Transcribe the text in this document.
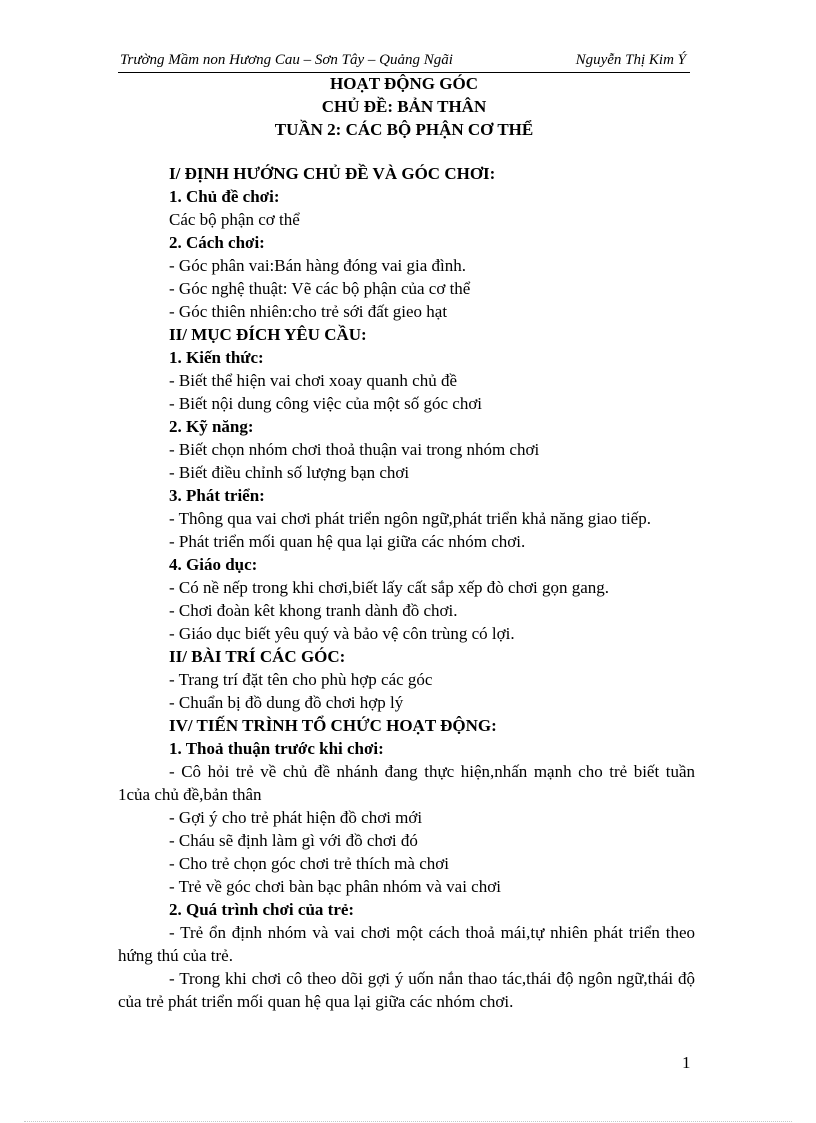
Trường Mầm non Hương Cau – Sơn Tây – Quảng Ngãi	Nguyễn Thị Kim Ý
HOẠT ĐỘNG GÓC
CHỦ ĐỀ: BẢN THÂN
TUẦN 2: CÁC BỘ PHẬN CƠ THỂ

I/ ĐỊNH HƯỚNG CHỦ ĐỀ VÀ GÓC CHƠI:

1. Chủ đề chơi:

Các bộ phận cơ thể

2. Cách chơi:

- Góc phân vai:Bán hàng đóng vai gia đình.

- Góc nghệ thuật: Vẽ các bộ phận của cơ thể

- Góc thiên nhiên:cho trẻ sới đất gieo hạt

II/ MỤC ĐÍCH YÊU CẦU:

1. Kiến thức:

- Biết thể hiện vai chơi xoay quanh chủ đề

- Biết nội dung công việc của một số góc chơi

2. Kỹ năng:

- Biết chọn nhóm chơi thoả thuận vai trong nhóm chơi

- Biết điều chỉnh số lượng bạn chơi

3. Phát triển:

- Thông qua vai chơi phát triển ngôn ngữ,phát triển khả năng giao tiếp.

- Phát triển mối quan hệ qua lại giữa các nhóm chơi.

4. Giáo dục:

- Có nề nếp trong khi chơi,biết lấy cất sắp xếp đò chơi gọn gang.

- Chơi đoàn kêt khong tranh dành đồ chơi.

- Giáo dục biết yêu quý và bảo vệ côn trùng có lợi.

II/ BÀI TRÍ CÁC GÓC:

- Trang trí đặt tên cho phù hợp các góc

- Chuẩn bị đồ dung đồ chơi hợp lý

IV/ TIẾN TRÌNH TỔ CHỨC HOẠT ĐỘNG:

1. Thoả thuận trước khi chơi:

- Cô hỏi trẻ về chủ đề nhánh đang thực hiện,nhấn mạnh cho trẻ biết tuần 1của chủ đề,bản thân

- Gợi ý cho trẻ phát hiện đồ chơi mới

- Cháu sẽ định làm gì với đồ chơi đó

- Cho trẻ chọn góc chơi trẻ thích mà chơi

- Trẻ về góc chơi bàn bạc phân nhóm và vai chơi

2. Quá trình chơi của trẻ:

- Trẻ ổn định nhóm và vai chơi một cách thoả mái,tự nhiên phát triển theo hứng thú của trẻ.

- Trong khi chơi cô theo dõi gợi ý uốn nắn thao tác,thái độ ngôn ngữ,thái độ của trẻ phát triển mối quan hệ qua lại giữa các nhóm chơi.

1
